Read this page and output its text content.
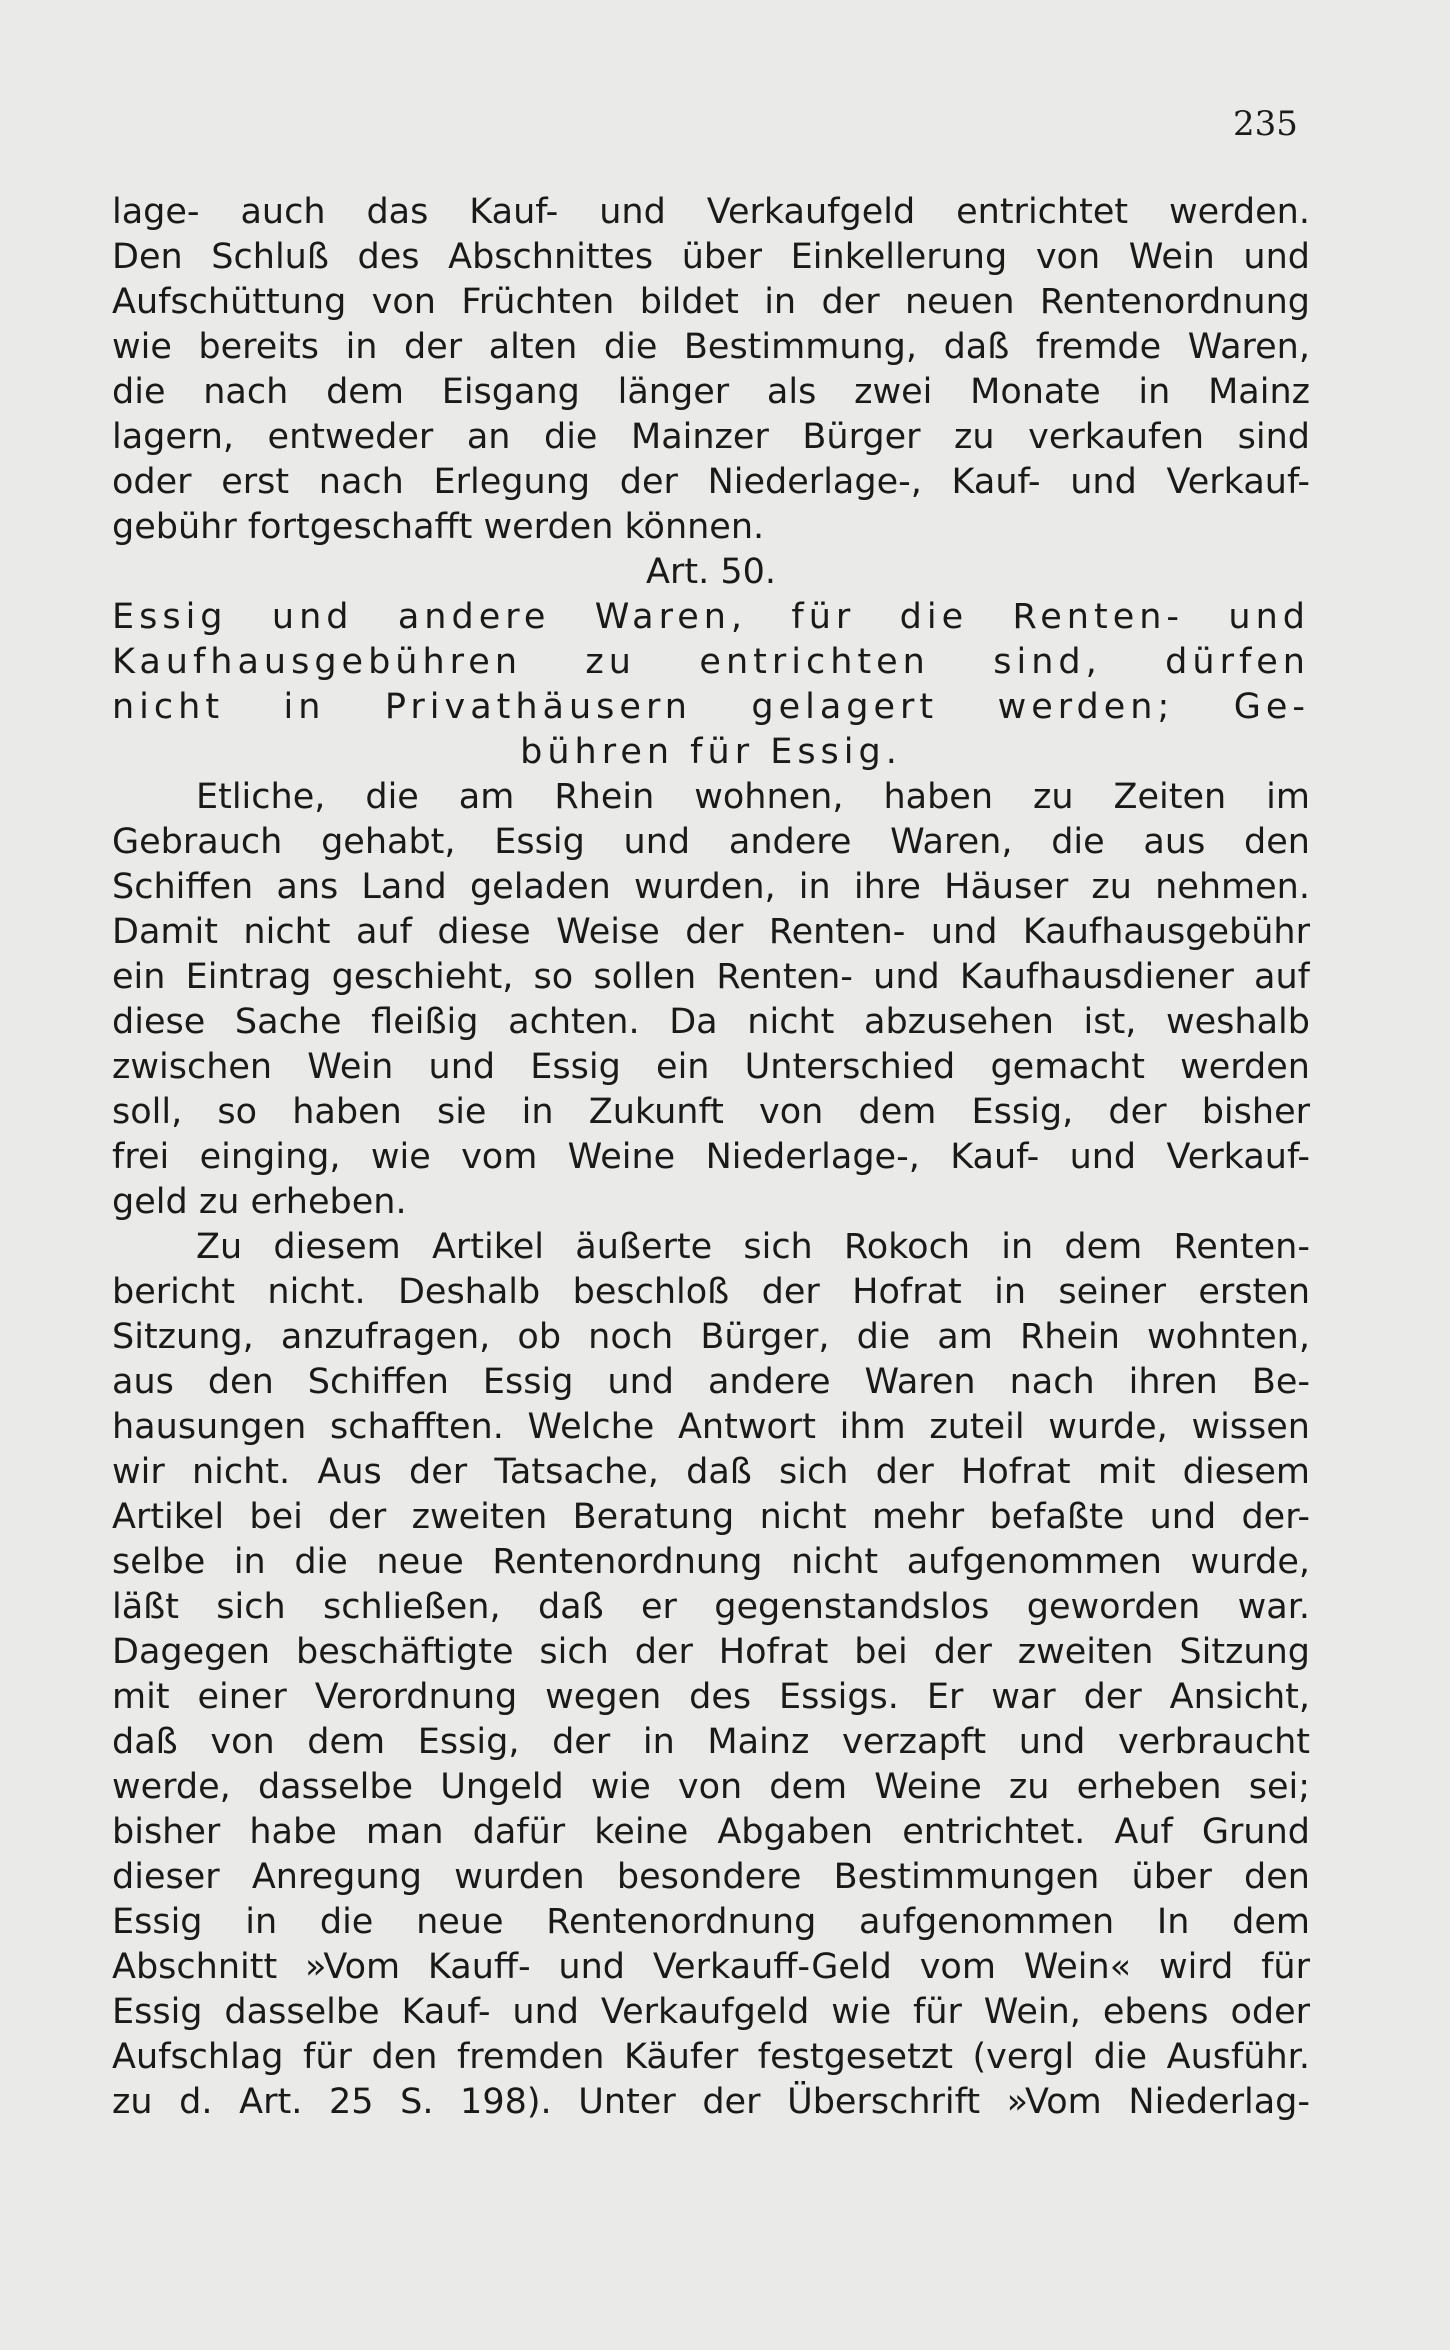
235
lage- auch das Kauf- und Verkaufgeld entrichtet werden.
Den Schluß des Abschnittes über Einkellerung von Wein und
Aufschüttung von Früchten bildet in der neuen Rentenordnung
wie bereits in der alten die Bestimmung, daß fremde Waren,
die nach dem Eisgang länger als zwei Monate in Mainz
lagern, entweder an die Mainzer Bürger zu verkaufen sind
oder erst nach Erlegung der Niederlage-, Kauf- und Verkauf-
gebühr fortgeschafft werden können.
Art. 50.
Essig und andere Waren, für die Renten- und
Kaufhausgebühren zu entrichten sind, dürfen
nicht in Privathäusern gelagert werden; Ge-
bühren für Essig.
Etliche, die am Rhein wohnen, haben zu Zeiten im
Gebrauch gehabt, Essig und andere Waren, die aus den
Schiffen ans Land geladen wurden, in ihre Häuser zu nehmen.
Damit nicht auf diese Weise der Renten- und Kaufhausgebühr
ein Eintrag geschieht, so sollen Renten- und Kaufhausdiener auf
diese Sache fleißig achten. Da nicht abzusehen ist, weshalb
zwischen Wein und Essig ein Unterschied gemacht werden
soll, so haben sie in Zukunft von dem Essig, der bisher
frei einging, wie vom Weine Niederlage-, Kauf- und Verkauf-
geld zu erheben.
Zu diesem Artikel äußerte sich Rokoch in dem Renten-
bericht nicht. Deshalb beschloß der Hofrat in seiner ersten
Sitzung, anzufragen, ob noch Bürger, die am Rhein wohnten,
aus den Schiffen Essig und andere Waren nach ihren Be-
hausungen schafften. Welche Antwort ihm zuteil wurde, wissen
wir nicht. Aus der Tatsache, daß sich der Hofrat mit diesem
Artikel bei der zweiten Beratung nicht mehr befaßte und der-
selbe in die neue Rentenordnung nicht aufgenommen wurde,
läßt sich schließen, daß er gegenstandslos geworden war.
Dagegen beschäftigte sich der Hofrat bei der zweiten Sitzung
mit einer Verordnung wegen des Essigs. Er war der Ansicht,
daß von dem Essig, der in Mainz verzapft und verbraucht
werde, dasselbe Ungeld wie von dem Weine zu erheben sei;
bisher habe man dafür keine Abgaben entrichtet. Auf Grund
dieser Anregung wurden besondere Bestimmungen über den
Essig in die neue Rentenordnung aufgenommen In dem
Abschnitt »Vom Kauff- und Verkauff-Geld vom Wein« wird für
Essig dasselbe Kauf- und Verkaufgeld wie für Wein, ebens oder
Aufschlag für den fremden Käufer festgesetzt (vergl die Ausführ.
zu d. Art. 25 S. 198). Unter der Überschrift »Vom Niederlag-
